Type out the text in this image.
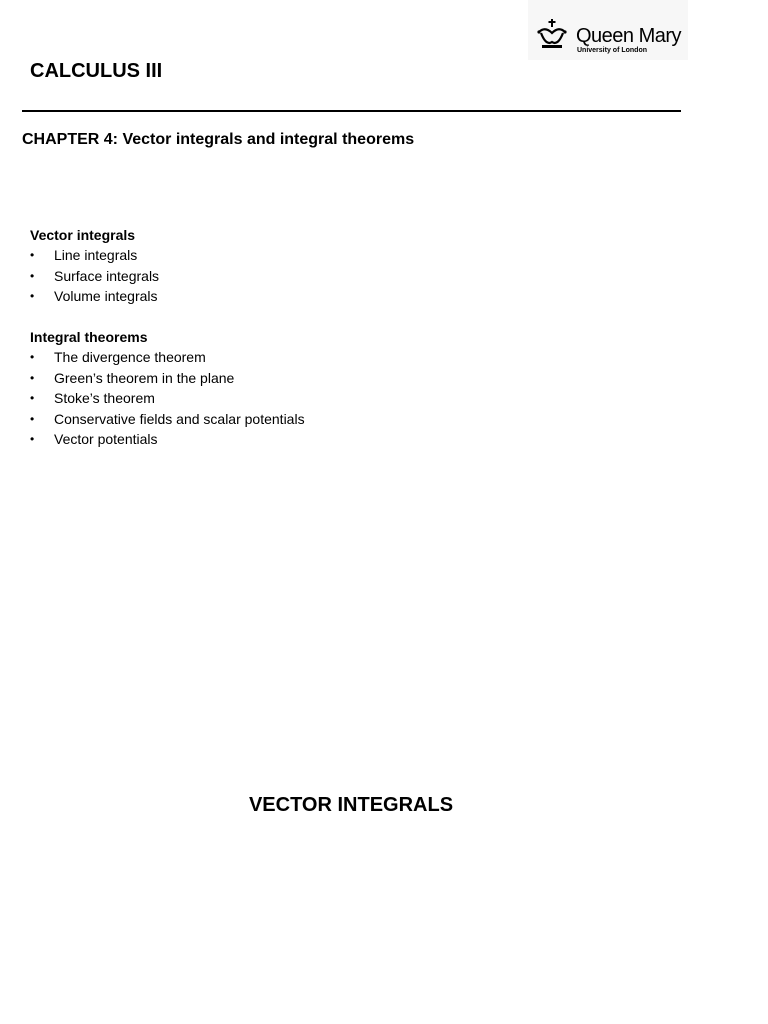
Queen Mary
University of London
CALCULUS III
CHAPTER 4: Vector integrals and integral theorems
Vector integrals
• Line integrals
• Surface integrals
• Volume integrals
Integral theorems
• The divergence theorem
• Green’s theorem in the plane
• Stoke’s theorem
• Conservative fields and scalar potentials
• Vector potentials
VECTOR INTEGRALS
